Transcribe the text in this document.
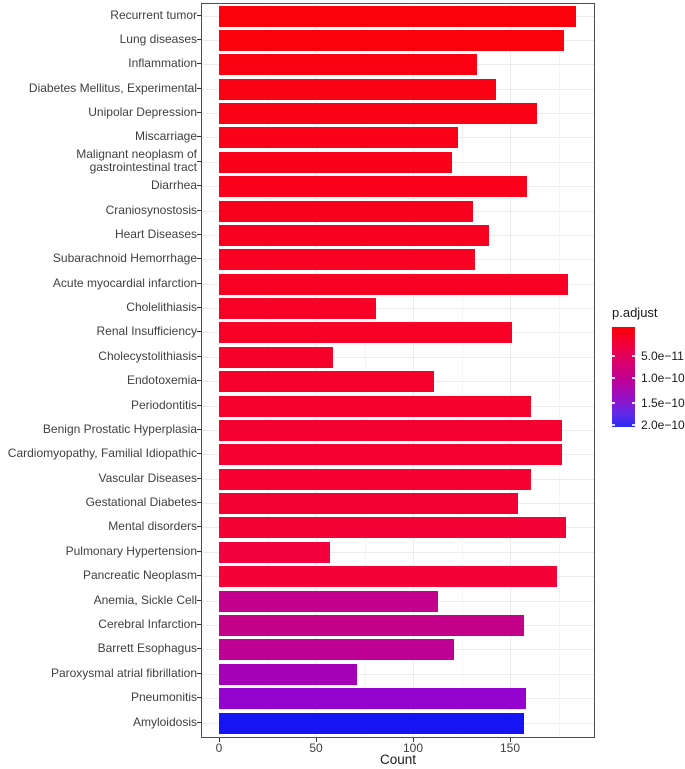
Recurrent tumor
Lung diseases
Inflammation
Diabetes Mellitus, Experimental
Unipolar Depression
Miscarriage
Malignant neoplasm of gastrointestinal tract
Diarrhea
Craniosynostosis
Heart Diseases
Subarachnoid Hemorrhage
Acute myocardial infarction
Cholelithiasis
Renal Insufficiency
Cholecystolithiasis
Endotoxemia
Periodontitis
Benign Prostatic Hyperplasia
Cardiomyopathy, Familial Idiopathic
Vascular Diseases
Gestational Diabetes
Mental disorders
Pulmonary Hypertension
Pancreatic Neoplasm
Anemia, Sickle Cell
Cerebral Infarction
Barrett Esophagus
Paroxysmal atrial fibrillation
Pneumonitis
Amyloidosis
0	50	100	150
Count
p.adjust
5.0e−11
1.0e−10
1.5e−10
2.0e−10
